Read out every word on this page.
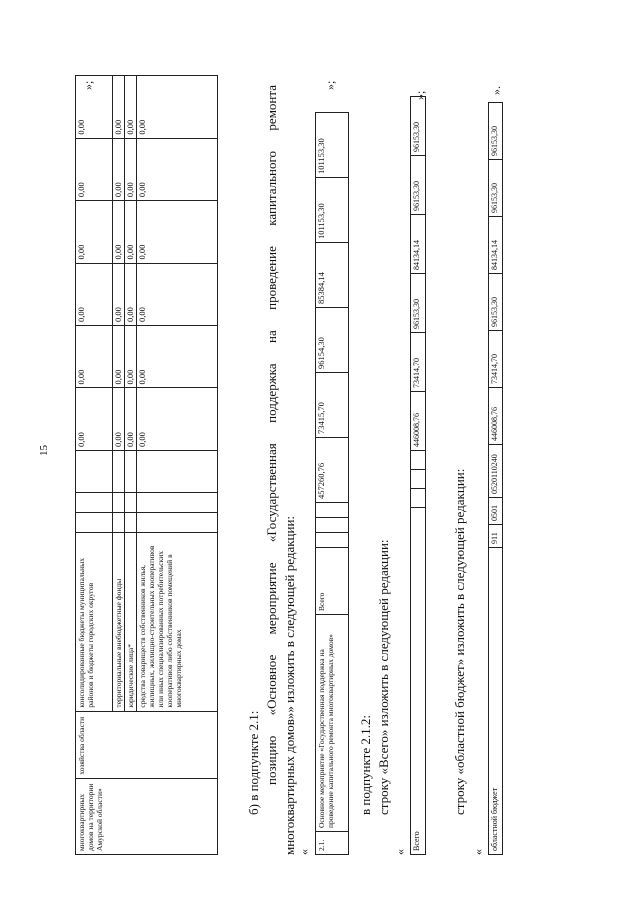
15
многоквартирных домов на территории Амурской области»	хозяйства области	консолидированные бюджеты муниципальных районов и бюджеты городских округов				0,00	0,00	0,00	0,00	0,00	0,00
		территориальные внебюджетные фонды				0,00	0,00	0,00	0,00	0,00	0,00
		юридические лица*				0,00	0,00	0,00	0,00	0,00	0,00
		средства товариществ собственников жилья, жилищных, жилищно-строительных кооперативов или иных специализированных потребительских кооперативов либо собственников помещений в многоквартирных домах				0,00	0,00	0,00	0,00	0,00	0,00
»;
б) в подпункте 2.1: позицию «Основное мероприятие «Государственная поддержка на проведение капитального ремонта многоквартирных домов»» изложить в следующей редакции: «
2.1.	Основное мероприятие «Государственная поддержка на проведение капитального ремонта многоквартирных домов»	Всего				457260,76	73415,70	96154,30	85384,14	101153,30	101153,30
»;
в подпункте 2.1.2: строку «Всего» изложить в следующей редакции:
«
Всего				446008,76	73414,70	96153,30	84134,14	96153,30	96153,30
»;
строку «областной бюджет» изложить в следующей редакции:
«
областной бюджет	911	0501	0520110240	446008,76	73414,70	96153,30	84134,14	96153,30	96153,30
».
